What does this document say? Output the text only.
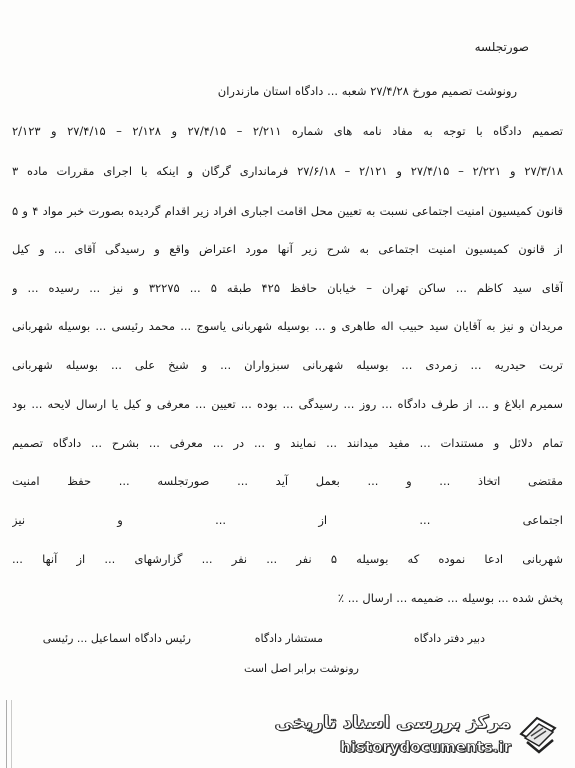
صورتجلسه
رونوشت تصمیم مورخ ۲۷/۴/۲۸ شعبه ... دادگاه استان مازندران
تصمیم دادگاه با توجه به مفاد نامه های شماره ۲/۲۱۱ – ۲۷/۴/۱۵ و ۲/۱۲۸ – ۲۷/۴/۱۵ و ۲/۱۲۳
۲۷/۳/۱۸ و ۲/۲۲۱ – ۲۷/۴/۱۵ و ۲/۱۲۱ – ۲۷/۶/۱۸ فرمانداری گرگان و اینکه با اجرای مقررات ماده ۳
قانون کمیسیون امنیت اجتماعی نسبت به تعیین محل اقامت اجباری افراد زیر اقدام گردیده بصورت خبر مواد ۴ و ۵
از قانون کمیسیون امنیت اجتماعی به شرح زیر آنها مورد اعتراض واقع و رسیدگی آقای ... و کیل
آقای سید کاظم ... ساکن تهران – خیابان حافظ ۴۲۵ طبقه ۵ ... ۳۲۲۷۵ و نیز ... رسیده ... و
مریدان و نیز به آقایان سید حبیب اله طاهری و ... بوسیله شهربانی یاسوج ... محمد رئیسی ... بوسیله شهربانی
تربت حیدریه ... زمردی ... بوسیله شهربانی سبزواران ... و شیخ علی ... بوسیله شهربانی
سمیرم ابلاغ و ... از طرف دادگاه ... روز ... رسیدگی ... بوده ... تعیین ... معرفی و کیل یا ارسال لایحه ... بود
تمام دلائل و مستندات ... مفید میدانند ... نمایند و ... در ... معرفی ... بشرح ... دادگاه تصمیم
مقتضی اتخاذ ... و ... بعمل آید ... صورتجلسه ... حفظ امنیت
اجتماعی ... از ... و نیز
شهربانی ادعا نموده که بوسیله ۵ نفر ... نفر ... گزارشهای ... از آنها ...
پخش شده ... بوسیله ... ضمیمه ... ارسال ... ٪
رئیس دادگاه اسماعیل ... رئیسی	مستشار دادگاه	دبیر دفتر دادگاه
رونوشت برابر اصل است
مرکز بررسی اسناد تاریخی
historydocuments.ir
